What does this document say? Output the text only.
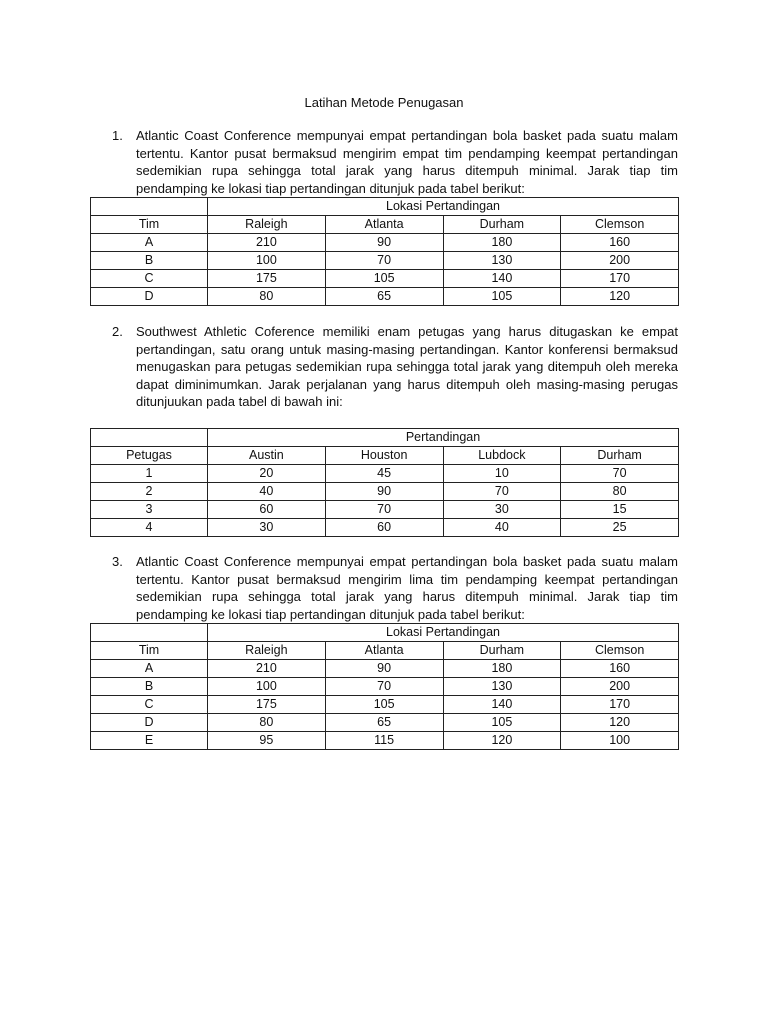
Latihan Metode Penugasan
1. Atlantic Coast Conference mempunyai empat pertandingan bola basket pada suatu malam tertentu. Kantor pusat bermaksud mengirim empat tim pendamping keempat pertandingan sedemikian rupa sehingga total jarak yang harus ditempuh minimal. Jarak tiap tim pendamping ke lokasi tiap pertandingan ditunjuk pada tabel berikut:
	Lokasi Pertandingan			
Tim	Raleigh	Atlanta	Durham	Clemson
A	210	90	180	160
B	100	70	130	200
C	175	105	140	170
D	80	65	105	120
2. Southwest Athletic Coference memiliki enam petugas yang harus ditugaskan ke empat pertandingan, satu orang untuk masing-masing pertandingan. Kantor konferensi bermaksud menugaskan para petugas sedemikian rupa sehingga total jarak yang ditempuh oleh mereka dapat diminimumkan. Jarak perjalanan yang harus ditempuh oleh masing-masing perugas ditunjuukan pada tabel di bawah ini:
	Pertandingan			
Petugas	Austin	Houston	Lubdock	Durham
1	20	45	10	70
2	40	90	70	80
3	60	70	30	15
4	30	60	40	25
3. Atlantic Coast Conference mempunyai empat pertandingan bola basket pada suatu malam tertentu. Kantor pusat bermaksud mengirim lima tim pendamping keempat pertandingan sedemikian rupa sehingga total jarak yang harus ditempuh minimal. Jarak tiap tim pendamping ke lokasi tiap pertandingan ditunjuk pada tabel berikut:
	Lokasi Pertandingan			
Tim	Raleigh	Atlanta	Durham	Clemson
A	210	90	180	160
B	100	70	130	200
C	175	105	140	170
D	80	65	105	120
E	95	115	120	100
